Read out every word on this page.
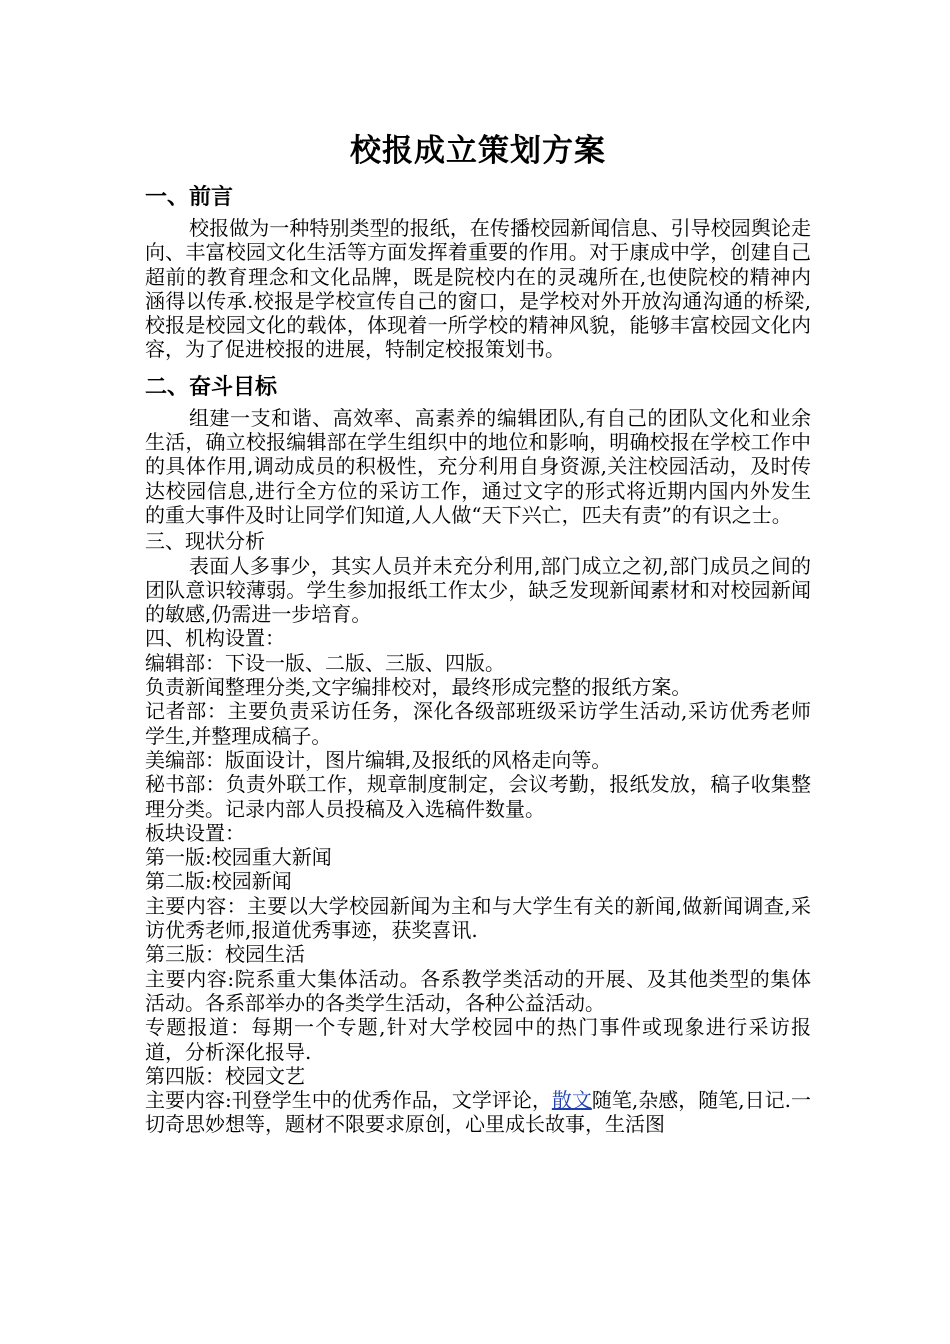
校报成立策划方案
一、前言

校报做为一种特别类型的报纸，在传播校园新闻信息、引导校园舆论走向、丰富校园文化生活等方面发挥着重要的作用。对于康成中学，创建自己超前的教育理念和文化品牌，既是院校内在的灵魂所在,也使院校的精神内涵得以传承.校报是学校宣传自己的窗口，是学校对外开放沟通沟通的桥梁,校报是校园文化的载体，体现着一所学校的精神风貌，能够丰富校园文化内容，为了促进校报的进展，特制定校报策划书。

二、奋斗目标

组建一支和谐、高效率、高素养的编辑团队,有自己的团队文化和业余生活，确立校报编辑部在学生组织中的地位和影响，明确校报在学校工作中的具体作用,调动成员的积极性，充分利用自身资源,关注校园活动，及时传达校园信息,进行全方位的采访工作，通过文字的形式将近期内国内外发生的重大事件及时让同学们知道,人人做“天下兴亡，匹夫有责”的有识之士。

三、现状分析

表面人多事少，其实人员并未充分利用,部门成立之初,部门成员之间的团队意识较薄弱。学生参加报纸工作太少，缺乏发现新闻素材和对校园新闻的敏感,仍需进一步培育。

四、机构设置：

编辑部：下设一版、二版、三版、四版。

负责新闻整理分类,文字编排校对，最终形成完整的报纸方案。

记者部：主要负责采访任务，深化各级部班级采访学生活动,采访优秀老师学生,并整理成稿子。

美编部：版面设计，图片编辑,及报纸的风格走向等。

秘书部：负责外联工作，规章制度制定，会议考勤，报纸发放，稿子收集整理分类。记录内部人员投稿及入选稿件数量。

板块设置：

第一版:校园重大新闻

第二版:校园新闻

主要内容：主要以大学校园新闻为主和与大学生有关的新闻,做新闻调查,采访优秀老师,报道优秀事迹，获奖喜讯.

第三版：校园生活

主要内容:院系重大集体活动。各系教学类活动的开展、及其他类型的集体活动。各系部举办的各类学生活动，各种公益活动。

专题报道：每期一个专题,针对大学校园中的热门事件或现象进行采访报道，分析深化报导.

第四版：校园文艺

主要内容:刊登学生中的优秀作品，文学评论，散文随笔,杂感，随笔,日记.一切奇思妙想等，题材不限要求原创，心里成长故事，生活图
